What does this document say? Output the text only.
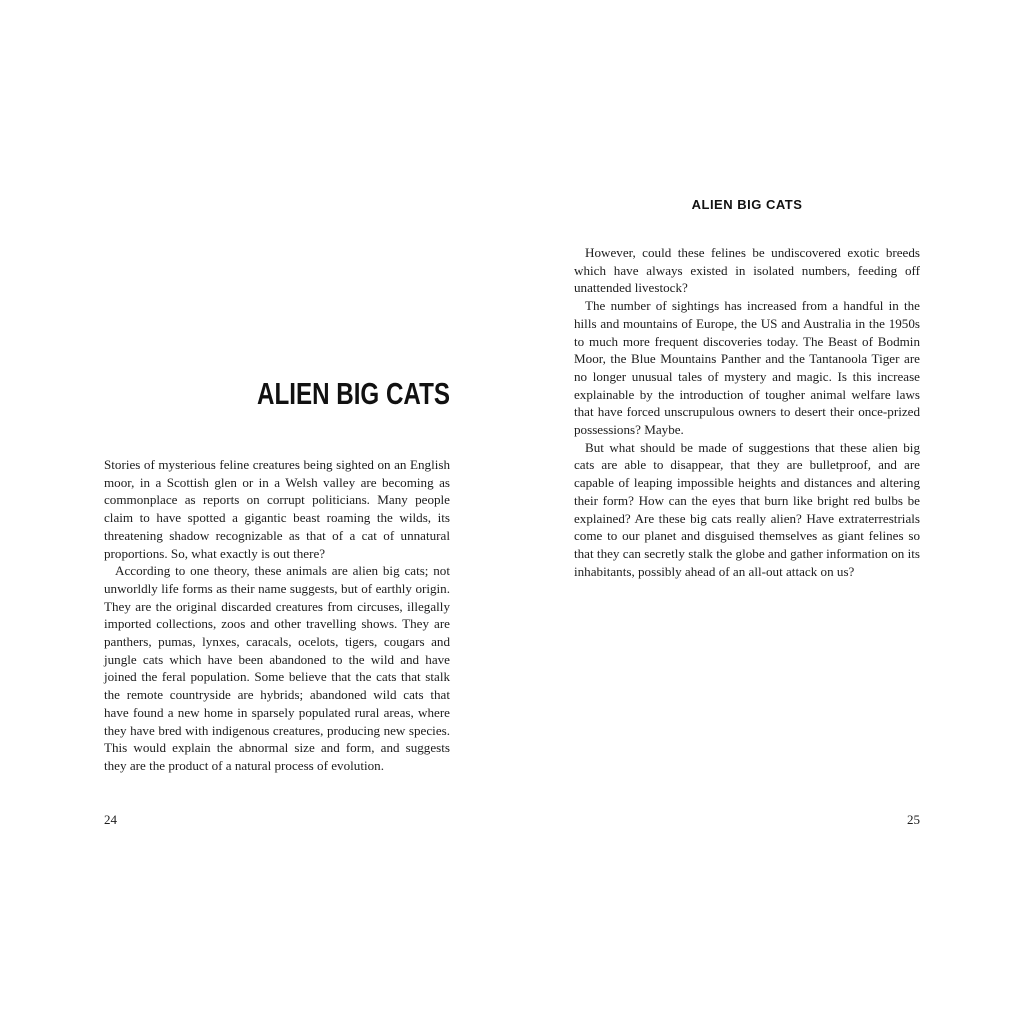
ALIEN BIG CATS

Stories of mysterious feline creatures being sighted on an English moor, in a Scottish glen or in a Welsh valley are becoming as commonplace as reports on corrupt politicians. Many people claim to have spotted a gigantic beast roaming the wilds, its threatening shadow recognizable as that of a cat of unnatural proportions. So, what exactly is out there?

According to one theory, these animals are alien big cats; not unworldly life forms as their name suggests, but of earthly origin. They are the original discarded creatures from circuses, illegally imported collections, zoos and other travelling shows. They are panthers, pumas, lynxes, caracals, ocelots, tigers, cougars and jungle cats which have been abandoned to the wild and have joined the feral population. Some believe that the cats that stalk the remote countryside are hybrids; abandoned wild cats that have found a new home in sparsely populated rural areas, where they have bred with indigenous creatures, producing new species. This would explain the abnormal size and form, and suggests they are the product of a natural process of evolution.

24
ALIEN BIG CATS

However, could these felines be undiscovered exotic breeds which have always existed in isolated numbers, feeding off unattended livestock?

The number of sightings has increased from a handful in the hills and mountains of Europe, the US and Australia in the 1950s to much more frequent discoveries today. The Beast of Bodmin Moor, the Blue Mountains Panther and the Tantanoola Tiger are no longer unusual tales of mystery and magic. Is this increase explainable by the introduction of tougher animal welfare laws that have forced unscrupulous owners to desert their once-prized possessions? Maybe.

But what should be made of suggestions that these alien big cats are able to disappear, that they are bulletproof, and are capable of leaping impossible heights and distances and altering their form? How can the eyes that burn like bright red bulbs be explained? Are these big cats really alien? Have extraterrestrials come to our planet and disguised themselves as giant felines so that they can secretly stalk the globe and gather information on its inhabitants, possibly ahead of an all-out attack on us?

25
